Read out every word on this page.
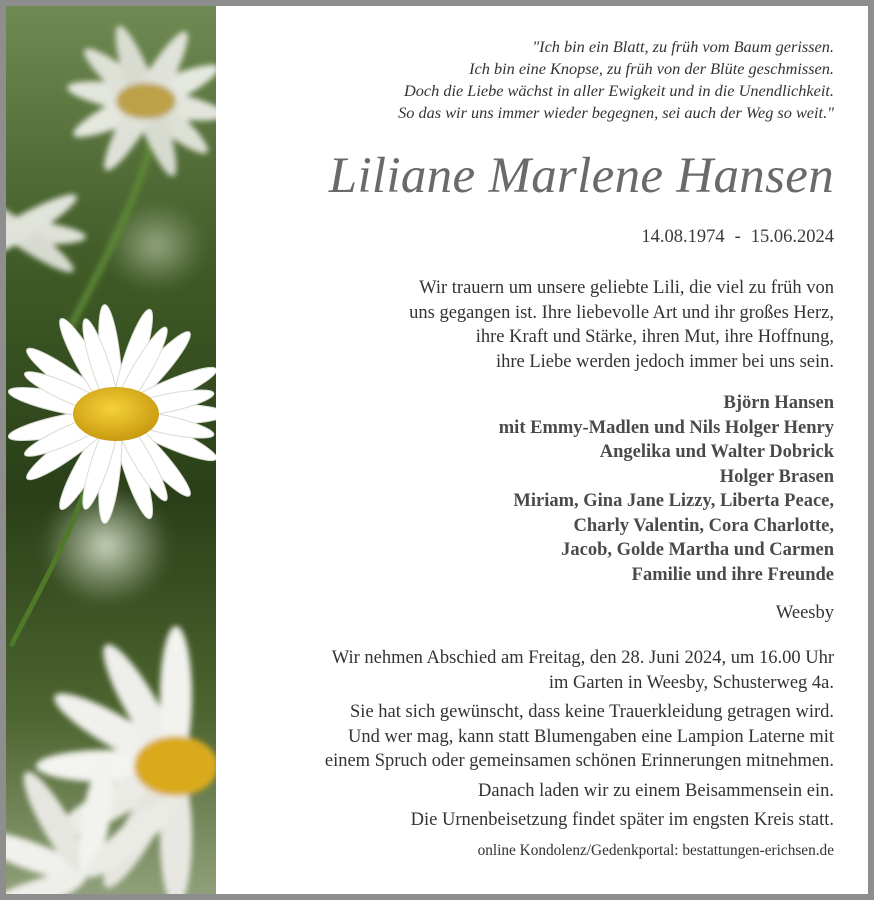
"Ich bin ein Blatt, zu früh vom Baum gerissen.
Ich bin eine Knopse, zu früh von der Blüte geschmissen.
Doch die Liebe wächst in aller Ewigkeit und in die Unendlichkeit.
So das wir uns immer wieder begegnen, sei auch der Weg so weit."
Liliane Marlene Hansen
14.08.1974 - 15.06.2024
Wir trauern um unsere geliebte Lili, die viel zu früh von
uns gegangen ist. Ihre liebevolle Art und ihr großes Herz,
ihre Kraft und Stärke, ihren Mut, ihre Hoffnung,
ihre Liebe werden jedoch immer bei uns sein.
Björn Hansen
mit Emmy-Madlen und Nils Holger Henry
Angelika und Walter Dobrick
Holger Brasen
Miriam, Gina Jane Lizzy, Liberta Peace,
Charly Valentin, Cora Charlotte,
Jacob, Golde Martha und Carmen
Familie und ihre Freunde
Weesby
Wir nehmen Abschied am Freitag, den 28. Juni 2024, um 16.00 Uhr
im Garten in Weesby, Schusterweg 4a.
Sie hat sich gewünscht, dass keine Trauerkleidung getragen wird.
Und wer mag, kann statt Blumengaben eine Lampion Laterne mit
einem Spruch oder gemeinsamen schönen Erinnerungen mitnehmen.
Danach laden wir zu einem Beisammensein ein.
Die Urnenbeisetzung findet später im engsten Kreis statt.
online Kondolenz/Gedenkportal: bestattungen-erichsen.de
